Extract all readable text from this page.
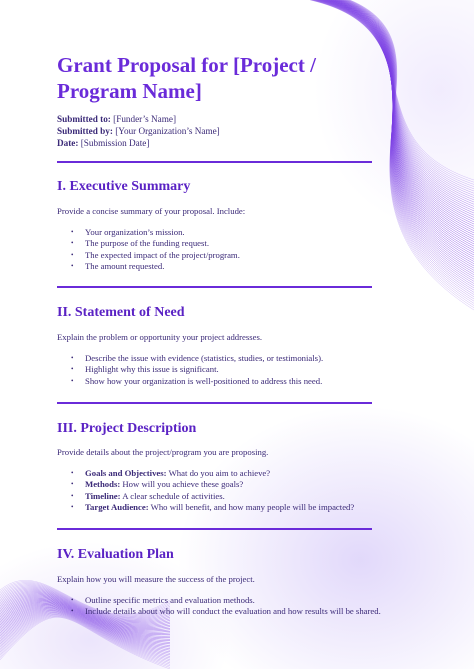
Grant Proposal for [Project / Program Name]
Submitted to: [Funder’s Name]
Submitted by: [Your Organization’s Name]
Date: [Submission Date]
I. Executive Summary
Provide a concise summary of your proposal. Include:
• Your organization’s mission.
• The purpose of the funding request.
• The expected impact of the project/program.
• The amount requested.
II. Statement of Need
Explain the problem or opportunity your project addresses.
• Describe the issue with evidence (statistics, studies, or testimonials).
• Highlight why this issue is significant.
• Show how your organization is well-positioned to address this need.
III. Project Description
Provide details about the project/program you are proposing.
• Goals and Objectives: What do you aim to achieve?
• Methods: How will you achieve these goals?
• Timeline: A clear schedule of activities.
• Target Audience: Who will benefit, and how many people will be impacted?
IV. Evaluation Plan
Explain how you will measure the success of the project.
• Outline specific metrics and evaluation methods.
• Include details about who will conduct the evaluation and how results will be shared.
